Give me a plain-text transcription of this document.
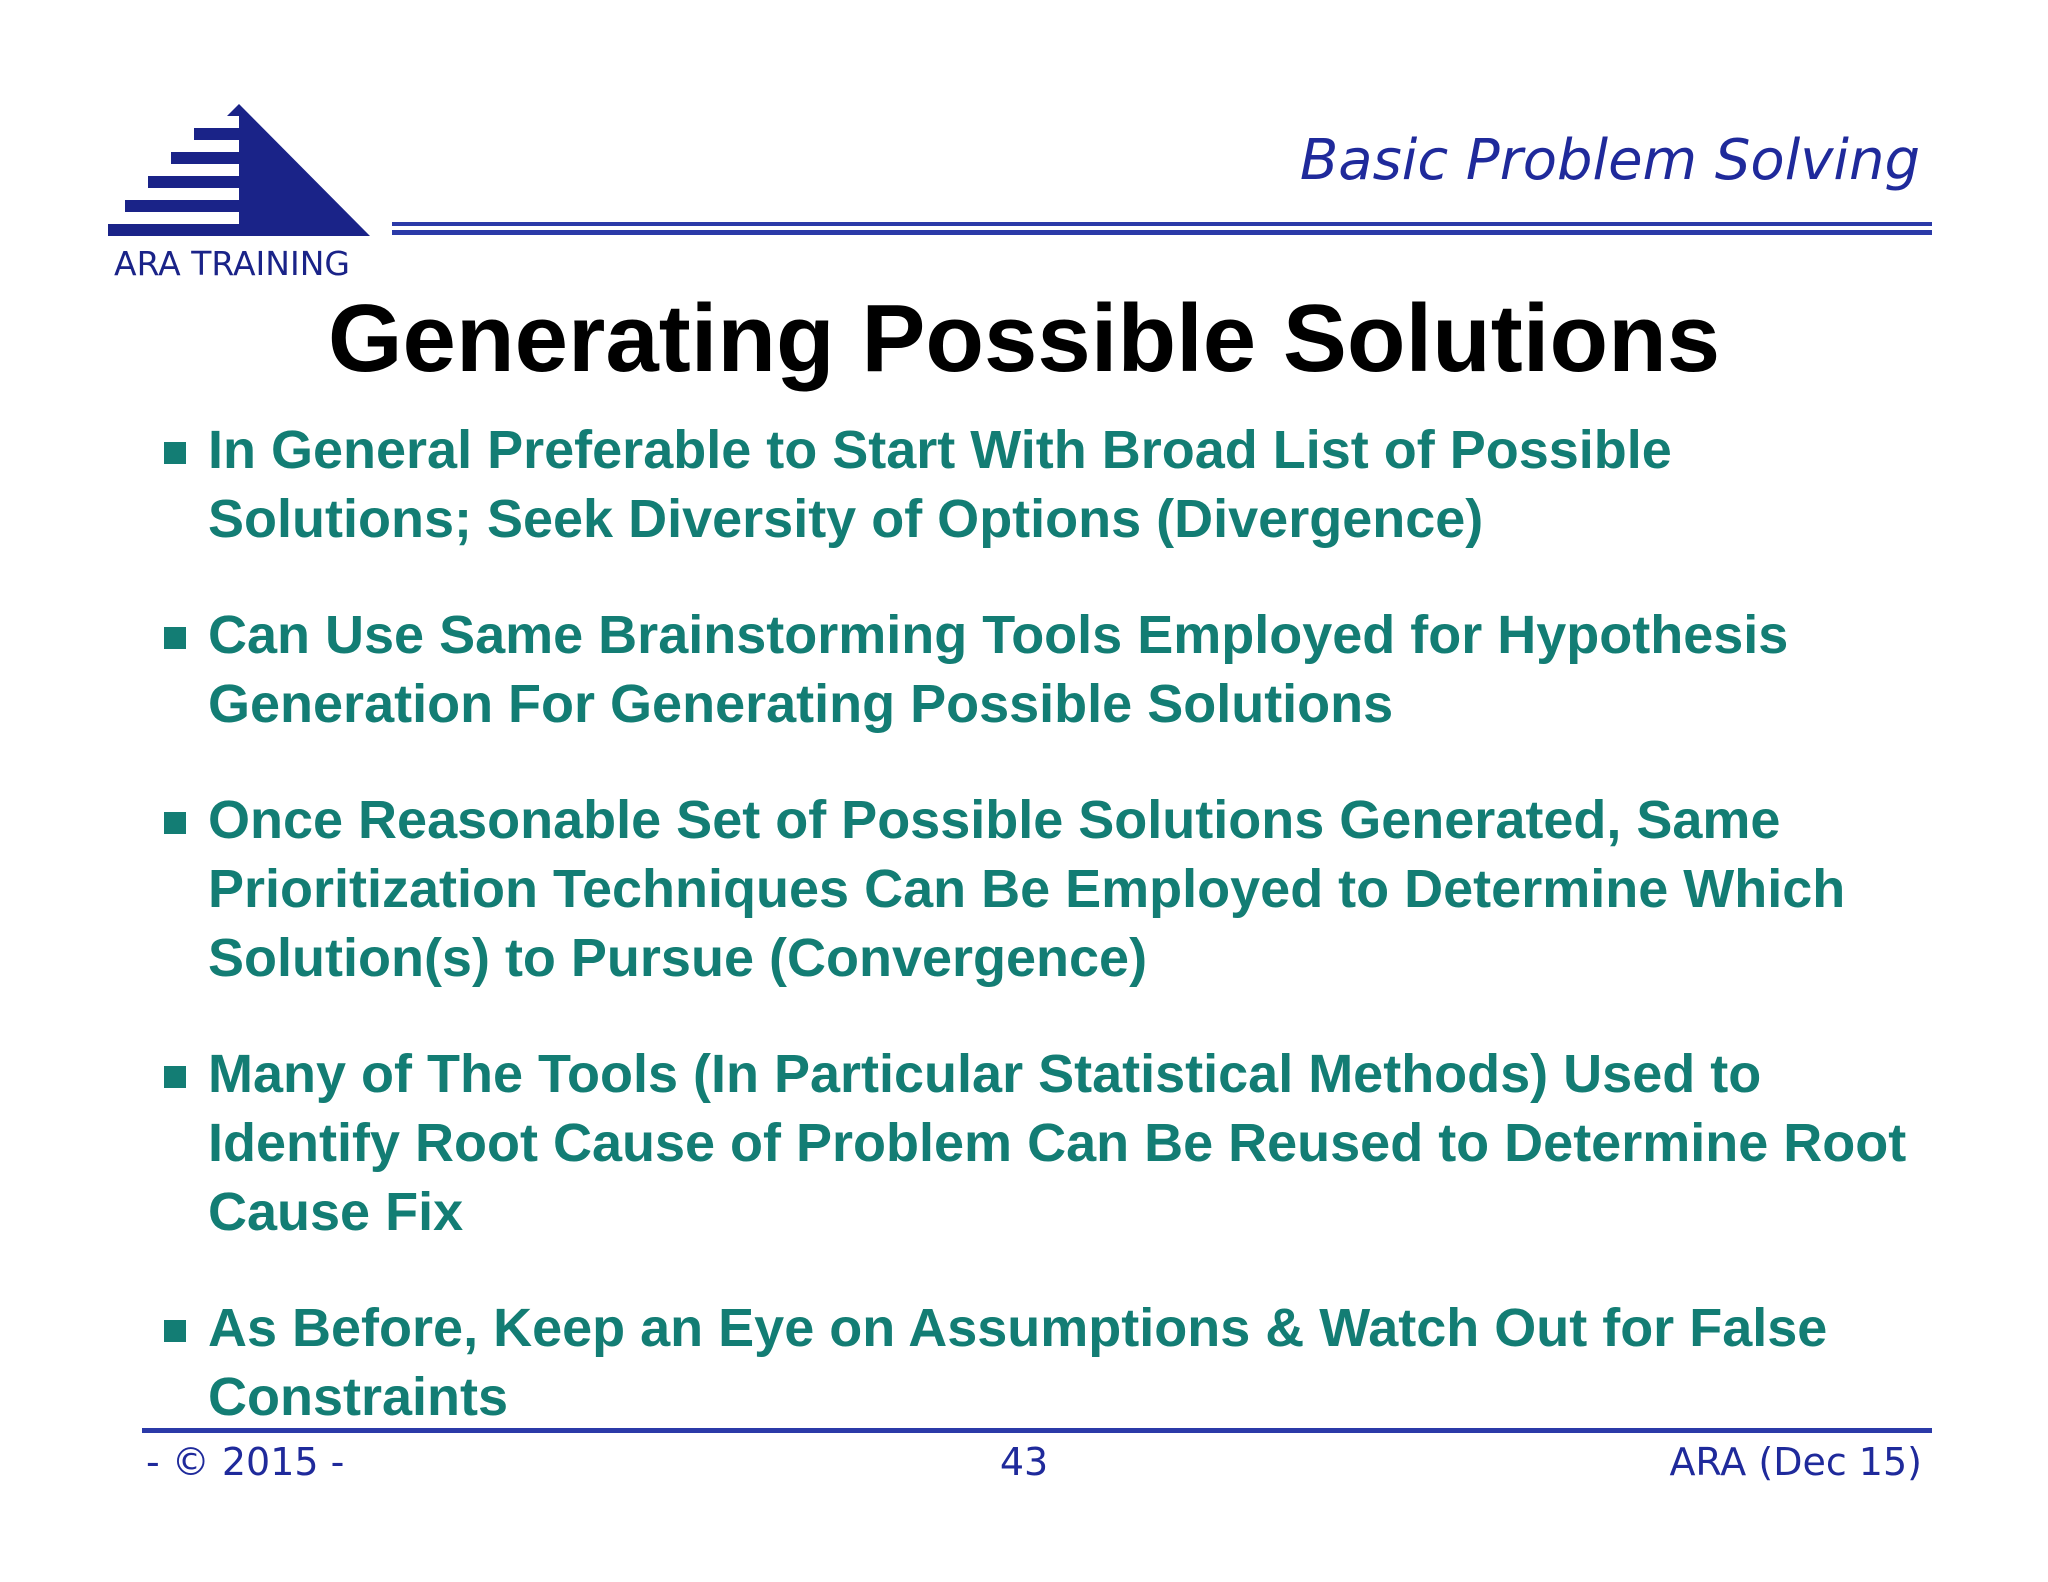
ARA TRAINING
Basic Problem Solving
Generating Possible Solutions
In General Preferable to Start With Broad List of Possible Solutions; Seek Diversity of Options (Divergence)
Can Use Same Brainstorming Tools Employed for Hypothesis Generation For Generating Possible Solutions
Once Reasonable Set of Possible Solutions Generated, Same Prioritization Techniques Can Be Employed to Determine Which Solution(s) to Pursue (Convergence)
Many of The Tools (In Particular Statistical Methods) Used to Identify Root Cause of Problem Can Be Reused to Determine Root Cause Fix
As Before, Keep an Eye on Assumptions & Watch Out for False Constraints
- © 2015 -	43	ARA (Dec 15)
